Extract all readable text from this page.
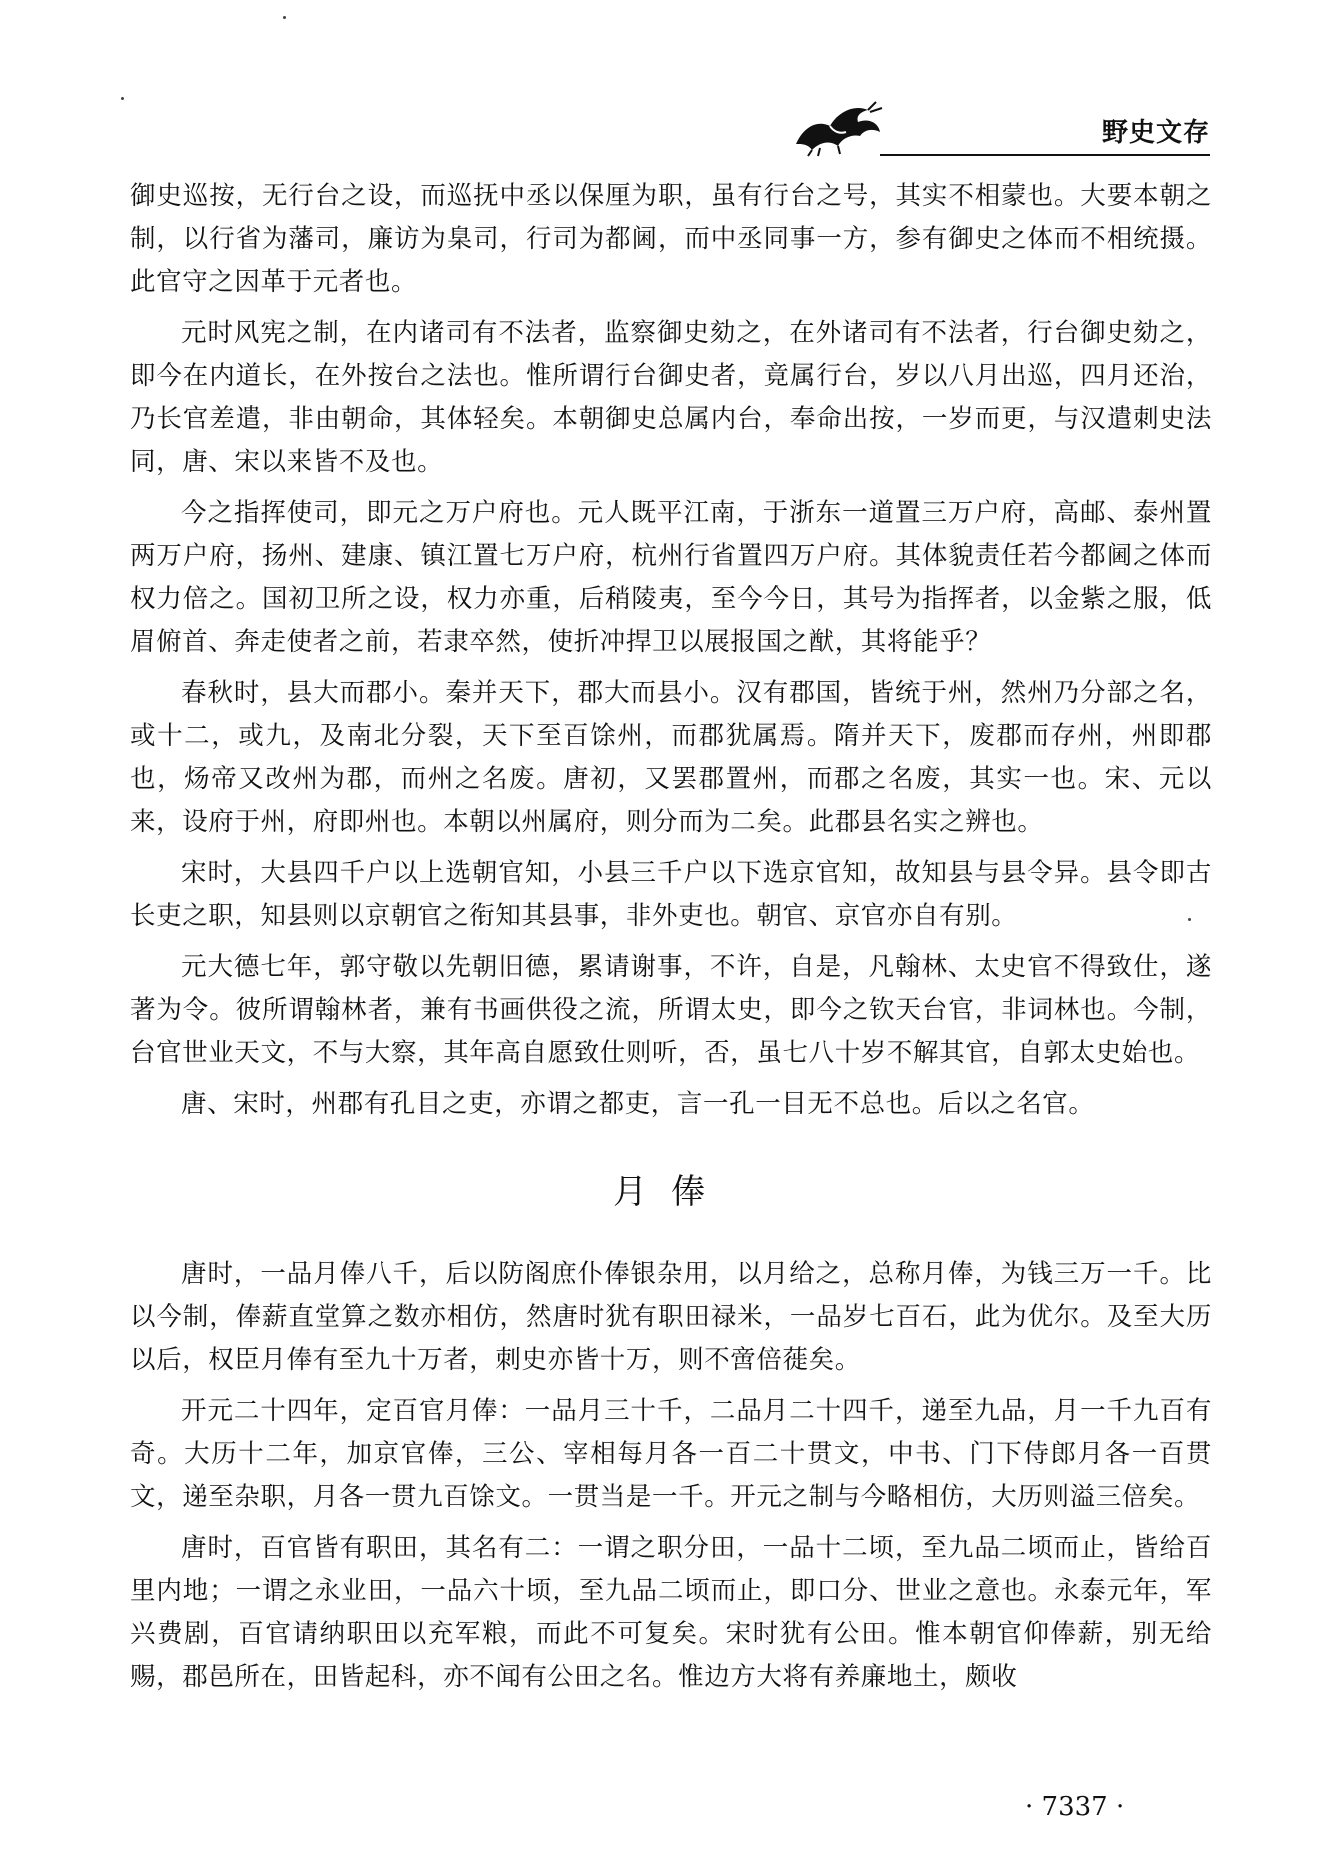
野史文存

御史巡按，无行台之设，而巡抚中丞以保厘为职，虽有行台之号，其实不相蒙也。大要本朝之制，以行省为藩司，廉访为臬司，行司为都阃，而中丞同事一方，参有御史之体而不相统摄。此官守之因革于元者也。

元时风宪之制，在内诸司有不法者，监察御史劾之，在外诸司有不法者，行台御史劾之，即今在内道长，在外按台之法也。惟所谓行台御史者，竟属行台，岁以八月出巡，四月还治，乃长官差遣，非由朝命，其体轻矣。本朝御史总属内台，奉命出按，一岁而更，与汉遣刺史法同，唐、宋以来皆不及也。

今之指挥使司，即元之万户府也。元人既平江南，于浙东一道置三万户府，高邮、泰州置两万户府，扬州、建康、镇江置七万户府，杭州行省置四万户府。其体貌责任若今都阃之体而权力倍之。国初卫所之设，权力亦重，后稍陵夷，至今今日，其号为指挥者，以金紫之服，低眉俯首、奔走使者之前，若隶卒然，使折冲捍卫以展报国之猷，其将能乎？

春秋时，县大而郡小。秦并天下，郡大而县小。汉有郡国，皆统于州，然州乃分部之名，或十二，或九，及南北分裂，天下至百馀州，而郡犹属焉。隋并天下，废郡而存州，州即郡也，炀帝又改州为郡，而州之名废。唐初，又罢郡置州，而郡之名废，其实一也。宋、元以来，设府于州，府即州也。本朝以州属府，则分而为二矣。此郡县名实之辨也。

宋时，大县四千户以上选朝官知，小县三千户以下选京官知，故知县与县令异。县令即古长吏之职，知县则以京朝官之衔知其县事，非外吏也。朝官、京官亦自有别。

元大德七年，郭守敬以先朝旧德，累请谢事，不许，自是，凡翰林、太史官不得致仕，遂著为令。彼所谓翰林者，兼有书画供役之流，所谓太史，即今之钦天台官，非词林也。今制，台官世业天文，不与大察，其年高自愿致仕则听，否，虽七八十岁不解其官，自郭太史始也。

唐、宋时，州郡有孔目之吏，亦谓之都吏，言一孔一目无不总也。后以之名官。

月俸

唐时，一品月俸八千，后以防阁庶仆俸银杂用，以月给之，总称月俸，为钱三万一千。比以今制，俸薪直堂算之数亦相仿，然唐时犹有职田禄米，一品岁七百石，此为优尔。及至大历以后，权臣月俸有至九十万者，刺史亦皆十万，则不啻倍蓰矣。

开元二十四年，定百官月俸：一品月三十千，二品月二十四千，递至九品，月一千九百有奇。大历十二年，加京官俸，三公、宰相每月各一百二十贯文，中书、门下侍郎月各一百贯文，递至杂职，月各一贯九百馀文。一贯当是一千。开元之制与今略相仿，大历则溢三倍矣。

唐时，百官皆有职田，其名有二：一谓之职分田，一品十二顷，至九品二顷而止，皆给百里内地；一谓之永业田，一品六十顷，至九品二顷而止，即口分、世业之意也。永泰元年，军兴费剧，百官请纳职田以充军粮，而此不可复矣。宋时犹有公田。惟本朝官仰俸薪，别无给赐，郡邑所在，田皆起科，亦不闻有公田之名。惟边方大将有养廉地土，颇收

· 7337 ·
